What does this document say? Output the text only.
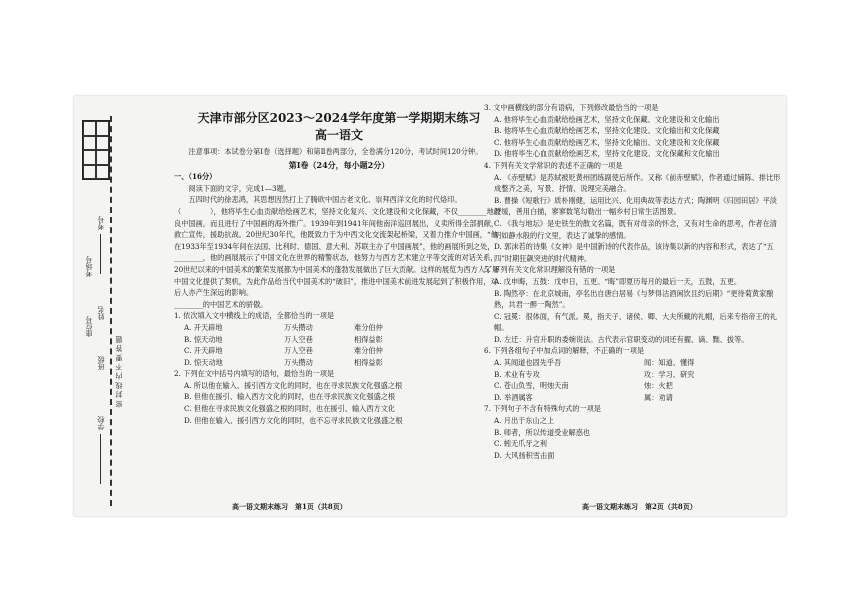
考号
学校
班级
姓名
考场号
座位号
密 封 线 内 不 要 答 题
天津市部分区2023～2024学年度第一学期期末练习
高一语文
注意事项：本试卷分第Ⅰ卷（选择题）和第Ⅱ卷两部分，全卷满分120分，考试时间120分钟。
第Ⅰ卷（24分，每小题2分）
一、（16分）
阅读下面的文字，完成1—3题。
五四时代的徐悲鸿，其思想因然打上了腾欧中国古老文化、崇拜西洋文化的时代烙印。（　　　　），他将毕生心血贡献给绘画艺术，坚持文化复兴、文化建设和文化保藏，不仅________地改良中国画，而且进行了中国画的海外推广。1939年到1941年间他南洋巡回展出，义卖所得全部捐献，救亡宣传，援助抗战。20世纪30年代，他既致力于为中西文化交流架起桥梁，又着力推介中国画，“他在1933年至1934年间在法国、比利时、德国、意大利、苏联主办了中国画展”，他的画展所到之处，________，他的画展展示了中国文化在世界的精警状态，他努力与西方艺术建立平等交流的对话关系，20世纪以来的中国美术的繁荣发展都为中国美术的蓬勃发展做出了巨大贡献。这样的展览为西方人了解中国文化提供了契机，为此作品给当代中国美术的“破旧”，推进中国美术前进发展起到了积极作用，对后人亦产生深远的影响。
________的中国艺术的骄傲。
1. 依次填入文中横线上的成语，全都恰当的一项是
A. 开天辟地	万头攒动	难分伯仲
B. 惊天动地	万人空巷	相得益彰
C. 开天辟地	万人空巷	难分伯仲
D. 惊天动地	万头攒动	相得益彰
2. 下列在文中括号内填写的语句，最恰当的一项是
A. 所以他在输入、援引西方文化的同时，也在寻求民族文化强盛之根
B. 但他在援引、输入西方文化的同时，也在寻求民族文化强盛之根
C. 但他在寻求民族文化强盛之根的同时，也在援引、输入西方文化
D. 但他在输入、援引西方文化的同时，也不忘寻求民族文化强盛之根
3. 文中画横线的部分有语病，下列修改最恰当的一项是
A. 他将毕生心血贡献给绘画艺术，坚持文化保藏、文化建设和文化输出
B. 他将毕生心血贡献给绘画艺术，坚持文化建设、文化输出和文化保藏
C. 他将毕生心血贡献给绘画艺术，坚持文化输出、文化建设和文化保藏
D. 他将毕生心血贡献给绘画艺术，坚持文化建设、文化保藏和文化输出
4. 下列有关文学常识的表述不正确的一项是
A. 《赤壁赋》是苏轼被贬黄州团练副使后所作。又称《前赤壁赋》，作者通过铺陈、排比形成整齐之美，写景、抒情、说理完美融合。
B. 曹操《短歌行》质朴刚健，运用比兴、化用典故等表达方式；陶渊明《归园田居》平淡舒缓，善用白描，寥寥数笔勾勒出一幅乡村日常生活图景。
C. 《我与地坛》是史铁生的散文名篇，既有对母亲的怀念，又有对生命的思考，作者在清明如静水般的行文里，表达了诚挚的感情。
D. 郭沫若的诗集《女神》是中国新诗的代表作品，该诗集以新的内容和形式，表达了“五四”时期狂飙突进的时代精神。
5. 下列有关文化常识理解没有错的一项是
A. 戊申晦，五鼓：戊申日，五更。“晦”即夏历每月的最后一天，五鼓，五更。
B. 陶然亭：在北京城南，亭名出自唐白居易《与梦得沽酒闲饮且约后期》“更待菊黄家酿熟，共君一醉一陶然”。
C. 冠冕：很体面，有气派。冕，指天子、诸侯、卿、大夫所戴的礼帽，后来专指帝王的礼帽。
D. 左迁：升官升职的委婉说法。古代表示官职变动的词还有擢、谪、黜、拔等。
6. 下列各组句子中加点词的解释，不正确的一项是
A. 其闻道也固先乎吾	闻：知道、懂得
B. 术业有专攻	攻：学习、研究
C. 苍山负雪，明烛天南	烛：火把
D. 举酒属客	属：劝请
7. 下列句子不含有特殊句式的一项是
A. 月出于东山之上
B. 师者，所以传道受业解惑也
C. 蚓无爪牙之利
D. 大风扬积雪击面
高一语文期末练习　第1页（共8页）	高一语文期末练习　第2页（共8页）
